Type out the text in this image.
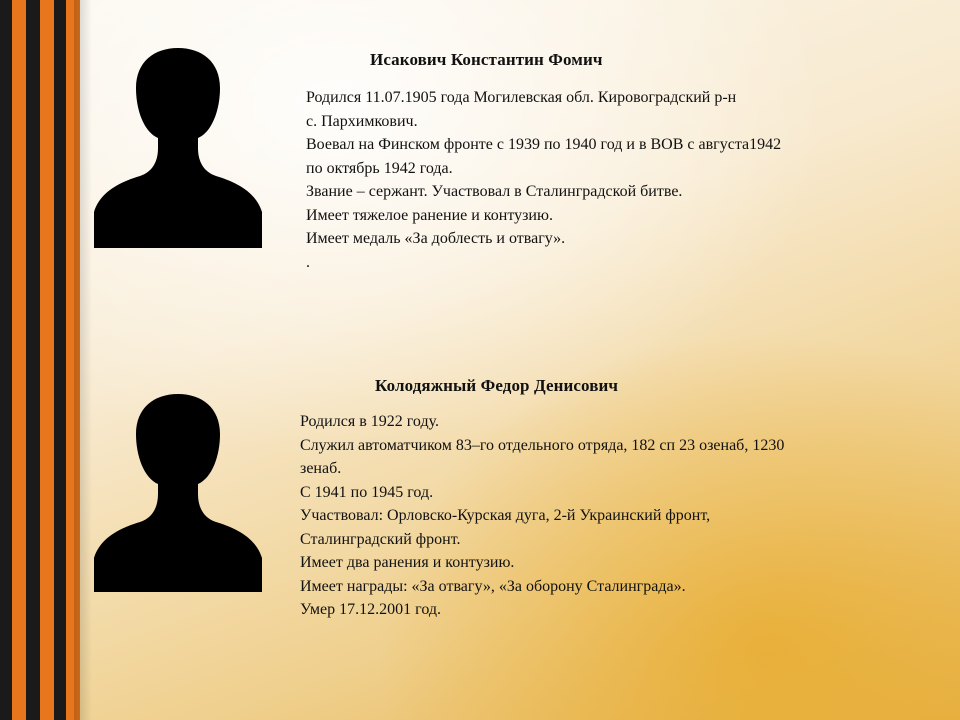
Исакович Константин Фомич
Родился 11.07.1905 года Могилевская обл. Кировоградский р-н
с. Пархимкович.
Воевал на Финском фронте с 1939 по 1940 год и в ВОВ с августа1942
по октябрь 1942 года.
Звание – сержант. Участвовал в Сталинградской битве.
Имеет тяжелое ранение и контузию.
Имеет медаль «За доблесть и отвагу».
.
Колодяжный Федор Денисович
Родился в 1922 году.
Служил автоматчиком 83–го отдельного отряда, 182 сп 23 озенаб, 1230
зенаб.
С 1941 по 1945 год.
Участвовал: Орловско-Курская дуга, 2-й Украинский фронт,
Сталинградский фронт.
Имеет два ранения и контузию.
Имеет награды: «За отвагу», «За оборону Сталинграда».
Умер 17.12.2001 год.
